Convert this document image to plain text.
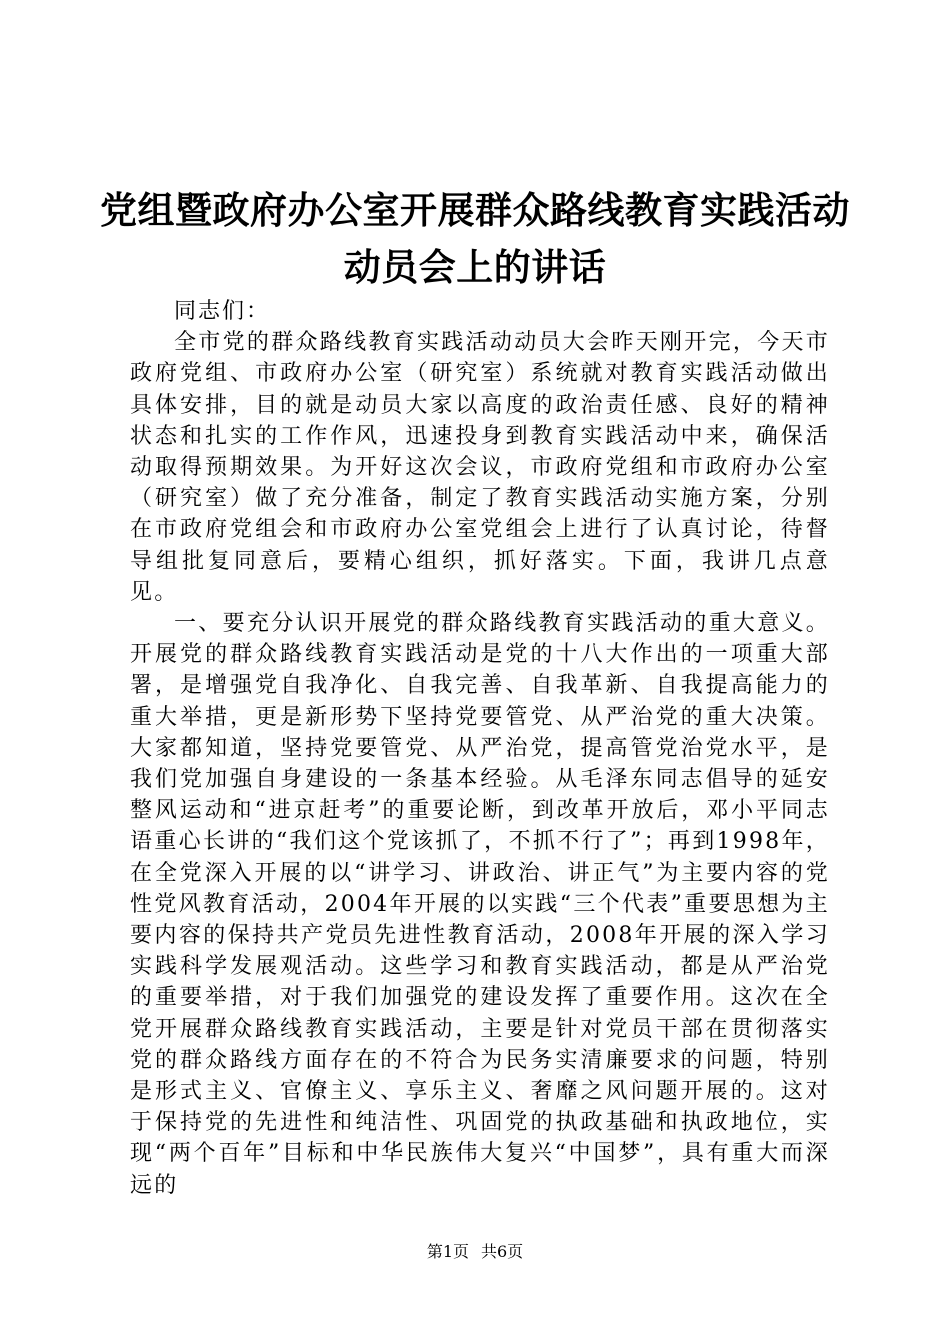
党组暨政府办公室开展群众路线教育实践活动
动员会上的讲话

同志们：

全市党的群众路线教育实践活动动员大会昨天刚开完，今天市政府党组、市政府办公室（研究室）系统就对教育实践活动做出具体安排，目的就是动员大家以高度的政治责任感、良好的精神状态和扎实的工作作风，迅速投身到教育实践活动中来，确保活动取得预期效果。为开好这次会议，市政府党组和市政府办公室（研究室）做了充分准备，制定了教育实践活动实施方案，分别在市政府党组会和市政府办公室党组会上进行了认真讨论，待督导组批复同意后，要精心组织，抓好落实。下面，我讲几点意见。

一、要充分认识开展党的群众路线教育实践活动的重大意义。开展党的群众路线教育实践活动是党的十八大作出的一项重大部署，是增强党自我净化、自我完善、自我革新、自我提高能力的重大举措，更是新形势下坚持党要管党、从严治党的重大决策。大家都知道，坚持党要管党、从严治党，提高管党治党水平，是我们党加强自身建设的一条基本经验。从毛泽东同志倡导的延安整风运动和“进京赶考”的重要论断，到改革开放后，邓小平同志语重心长讲的“我们这个党该抓了，不抓不行了”；再到1998年，在全党深入开展的以“讲学习、讲政治、讲正气”为主要内容的党性党风教育活动，2004年开展的以实践“三个代表”重要思想为主要内容的保持共产党员先进性教育活动，2008年开展的深入学习实践科学发展观活动。这些学习和教育实践活动，都是从严治党的重要举措，对于我们加强党的建设发挥了重要作用。这次在全党开展群众路线教育实践活动，主要是针对党员干部在贯彻落实党的群众路线方面存在的不符合为民务实清廉要求的问题，特别是形式主义、官僚主义、享乐主义、奢靡之风问题开展的。这对于保持党的先进性和纯洁性、巩固党的执政基础和执政地位，实现“两个百年”目标和中华民族伟大复兴“中国梦”，具有重大而深远的

第1页 共6页
